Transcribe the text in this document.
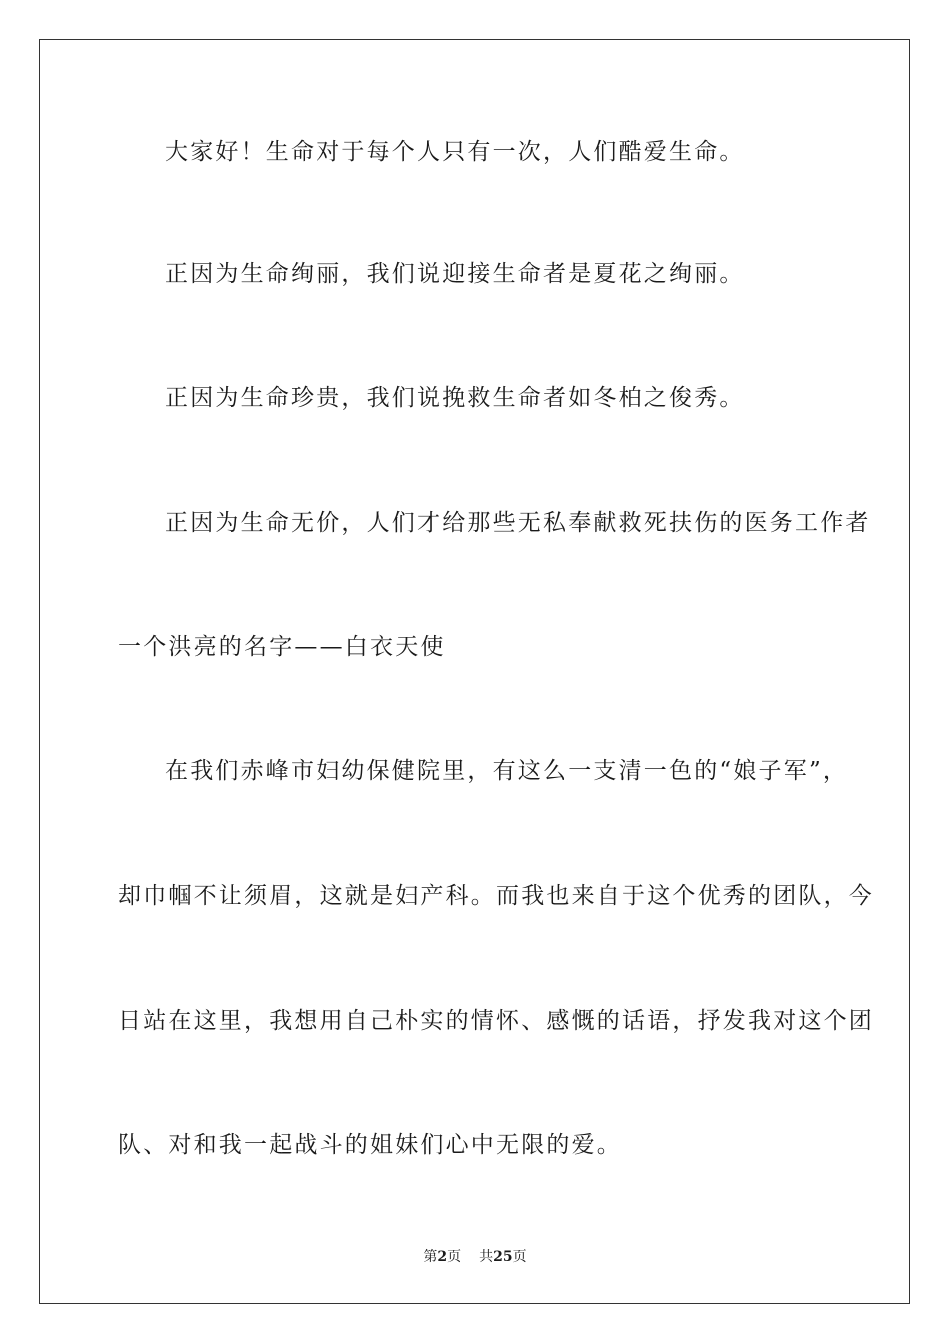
大家好！生命对于每个人只有一次，人们酷爱生命。
正因为生命绚丽，我们说迎接生命者是夏花之绚丽。
正因为生命珍贵，我们说挽救生命者如冬柏之俊秀。
正因为生命无价，人们才给那些无私奉献救死扶伤的医务工作者
一个洪亮的名字——白衣天使
在我们赤峰市妇幼保健院里，有这么一支清一色的“娘子军”，
却巾帼不让须眉，这就是妇产科。而我也来自于这个优秀的团队，今
日站在这里，我想用自己朴实的情怀、感慨的话语，抒发我对这个团
队、对和我一起战斗的姐妹们心中无限的爱。
第2页 共25页
